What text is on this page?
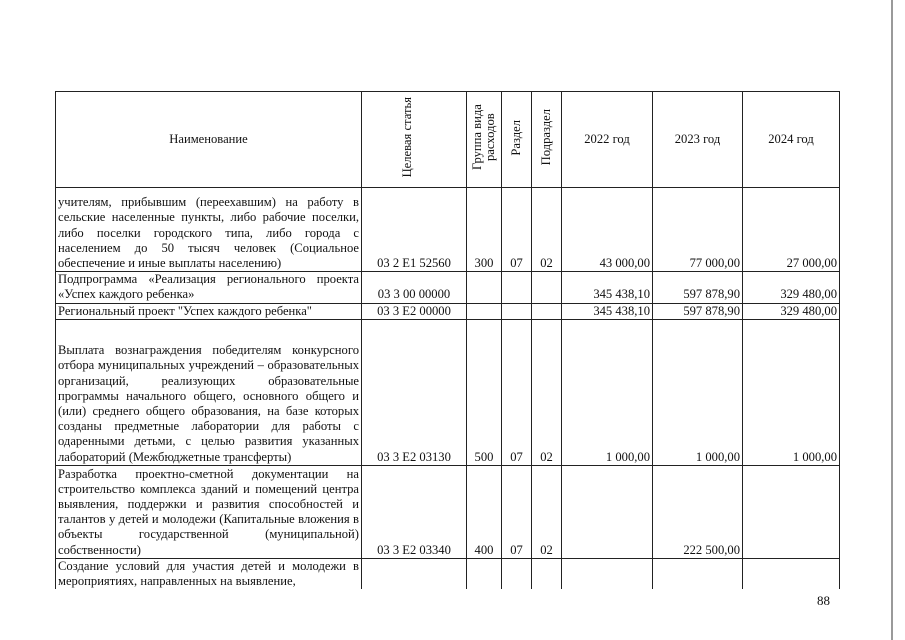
Наименование	Целевая статья	Группа вида расходов	Раздел	Подраздел	2022 год	2023 год	2024 год
учителям, прибывшим (переехавшим) на работу в сельские населенные пункты, либо рабочие поселки, либо поселки городского типа, либо города с населением до 50 тысяч человек (Социальное обеспечение и иные выплаты населению)	03 2 Е1 52560	300	07	02	43 000,00	77 000,00	27 000,00
Подпрограмма «Реализация регионального проекта «Успех каждого ребенка»	03 3 00 00000				345 438,10	597 878,90	329 480,00
Региональный проект "Успех каждого ребенка"	03 3 Е2 00000				345 438,10	597 878,90	329 480,00
Выплата вознаграждения победителям конкурсного отбора муниципальных учреждений – образовательных организаций, реализующих образовательные программы начального общего, основного общего и (или) среднего общего образования, на базе которых созданы предметные лаборатории для работы с одаренными детьми, с целью развития указанных лабораторий (Межбюджетные трансферты)	03 3 Е2 03130	500	07	02	1 000,00	1 000,00	1 000,00
Разработка проектно-сметной документации на строительство комплекса зданий и помещений центра выявления, поддержки и развития способностей и талантов у детей и молодежи (Капитальные вложения в объекты государственной (муниципальной) собственности)	03 3 Е2 03340	400	07	02		222 500,00	
Создание условий для участия детей и молодежи в мероприятиях, направленных на выявление,							
88
